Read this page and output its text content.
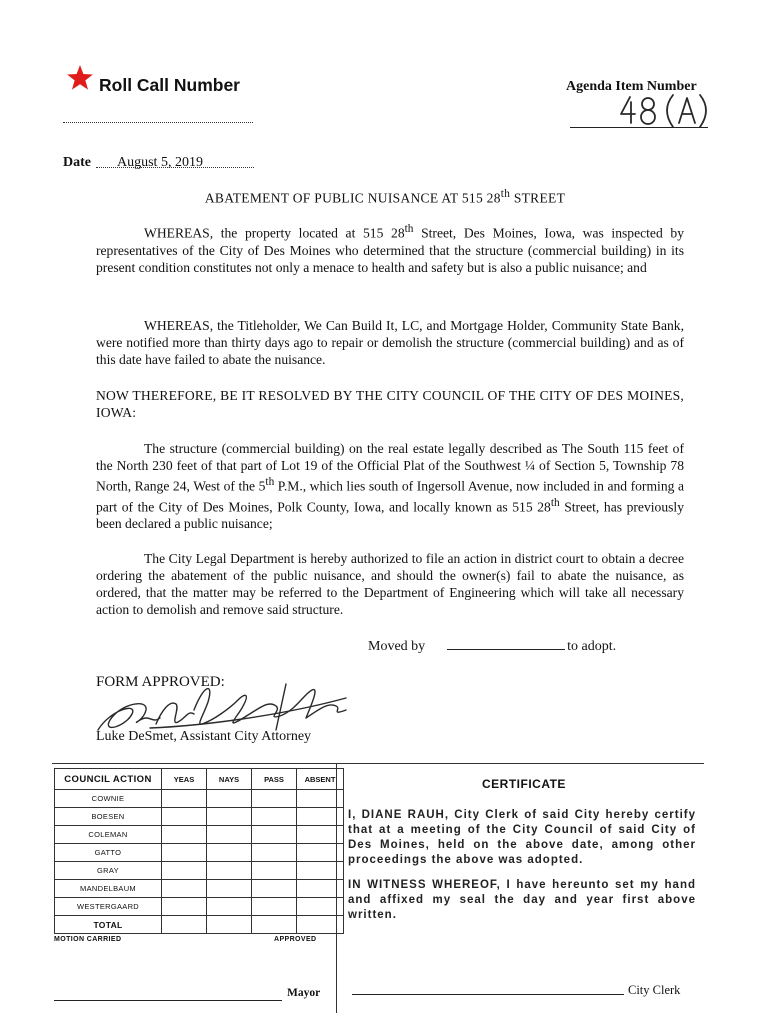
Roll Call Number	Agenda Item Number
Date August 5, 2019
ABATEMENT OF PUBLIC NUISANCE AT 515 28th STREET
WHEREAS, the property located at 515 28th Street, Des Moines, Iowa, was inspected by representatives of the City of Des Moines who determined that the structure (commercial building) in its present condition constitutes not only a menace to health and safety but is also a public nuisance; and
WHEREAS, the Titleholder, We Can Build It, LC, and Mortgage Holder, Community State Bank, were notified more than thirty days ago to repair or demolish the structure (commercial building) and as of this date have failed to abate the nuisance.
NOW THEREFORE, BE IT RESOLVED BY THE CITY COUNCIL OF THE CITY OF DES MOINES, IOWA:
The structure (commercial building) on the real estate legally described as The South 115 feet of the North 230 feet of that part of Lot 19 of the Official Plat of the Southwest ¼ of Section 5, Township 78 North, Range 24, West of the 5th P.M., which lies south of Ingersoll Avenue, now included in and forming a part of the City of Des Moines, Polk County, Iowa, and locally known as 515 28th Street, has previously been declared a public nuisance;
The City Legal Department is hereby authorized to file an action in district court to obtain a decree ordering the abatement of the public nuisance, and should the owner(s) fail to abate the nuisance, as ordered, that the matter may be referred to the Department of Engineering which will take all necessary action to demolish and remove said structure.
Moved by	to adopt.
FORM APPROVED:
Luke DeSmet, Assistant City Attorney
COUNCIL ACTION	YEAS	NAYS	PASS	ABSENT
COWNIE				
BOESEN				
COLEMAN				
GATTO				
GRAY				
MANDELBAUM				
WESTERGAARD				
TOTAL				
MOTION CARRIED	APPROVED
Mayor
CERTIFICATE
I, DIANE RAUH, City Clerk of said City hereby certify that at a meeting of the City Council of said City of Des Moines, held on the above date, among other proceedings the above was adopted.
IN WITNESS WHEREOF, I have hereunto set my hand and affixed my seal the day and year first above written.
City Clerk
